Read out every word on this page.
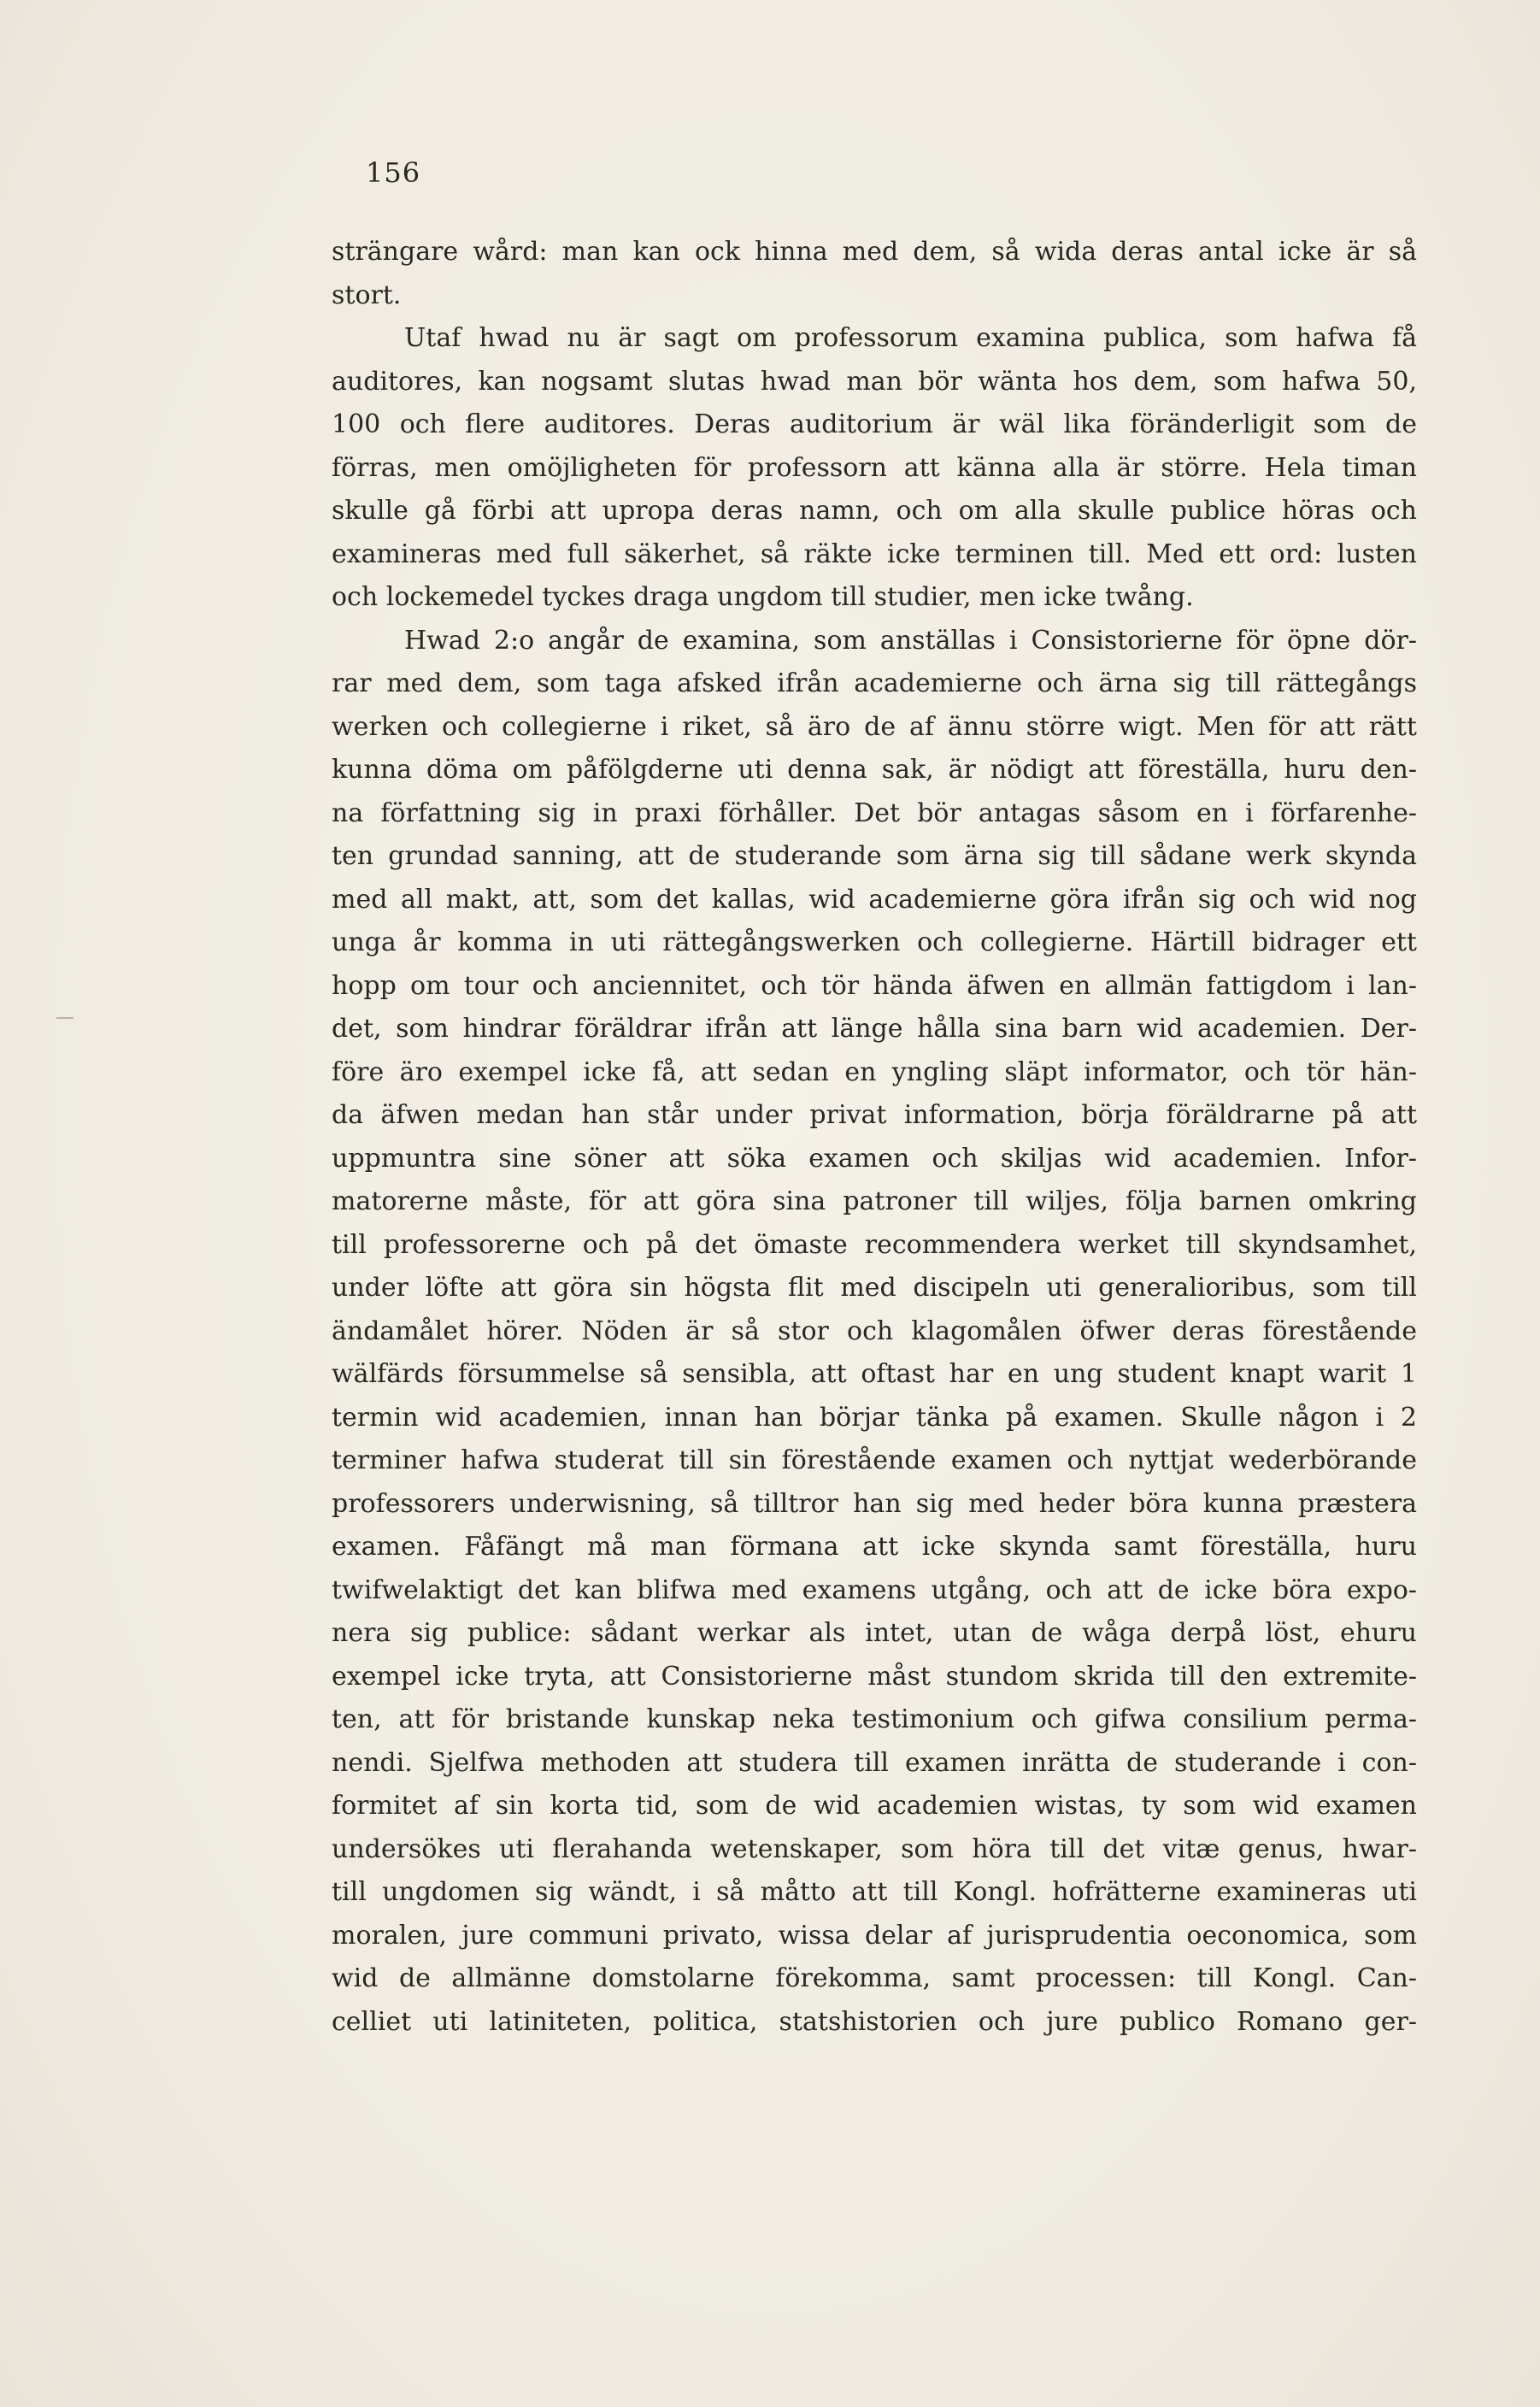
156
strängare wård: man kan ock hinna med dem, så wida deras antal icke är så
stort.
Utaf hwad nu är sagt om professorum examina publica, som hafwa få
auditores, kan nogsamt slutas hwad man bör wänta hos dem, som hafwa 50,
100 och flere auditores. Deras auditorium är wäl lika föränderligit som de
förras, men omöjligheten för professorn att känna alla är större. Hela timan
skulle gå förbi att upropa deras namn, och om alla skulle publice höras och
examineras med full säkerhet, så räkte icke terminen till. Med ett ord: lusten
och lockemedel tyckes draga ungdom till studier, men icke twång.
Hwad 2:o angår de examina, som anställas i Consistorierne för öpne dör-
rar med dem, som taga afsked ifrån academierne och ärna sig till rättegångs
werken och collegierne i riket, så äro de af ännu större wigt. Men för att rätt
kunna döma om påfölgderne uti denna sak, är nödigt att föreställa, huru den-
na författning sig in praxi förhåller. Det bör antagas såsom en i förfarenhe-
ten grundad sanning, att de studerande som ärna sig till sådane werk skynda
med all makt, att, som det kallas, wid academierne göra ifrån sig och wid nog
unga år komma in uti rättegångswerken och collegierne. Härtill bidrager ett
hopp om tour och anciennitet, och tör hända äfwen en allmän fattigdom i lan-
det, som hindrar föräldrar ifrån att länge hålla sina barn wid academien. Der-
före äro exempel icke få, att sedan en yngling släpt informator, och tör hän-
da äfwen medan han står under privat information, börja föräldrarne på att
uppmuntra sine söner att söka examen och skiljas wid academien. Infor-
matorerne måste, för att göra sina patroner till wiljes, följa barnen omkring
till professorerne och på det ömaste recommendera werket till skyndsamhet,
under löfte att göra sin högsta flit med discipeln uti generalioribus, som till
ändamålet hörer. Nöden är så stor och klagomålen öfwer deras förestående
wälfärds försummelse så sensibla, att oftast har en ung student knapt warit 1
termin wid academien, innan han börjar tänka på examen. Skulle någon i 2
terminer hafwa studerat till sin förestående examen och nyttjat wederbörande
professorers underwisning, så tilltror han sig med heder böra kunna præstera
examen. Fåfängt må man förmana att icke skynda samt föreställa, huru
twifwelaktigt det kan blifwa med examens utgång, och att de icke böra expo-
nera sig publice: sådant werkar als intet, utan de wåga derpå löst, ehuru
exempel icke tryta, att Consistorierne måst stundom skrida till den extremite-
ten, att för bristande kunskap neka testimonium och gifwa consilium perma-
nendi. Sjelfwa methoden att studera till examen inrätta de studerande i con-
formitet af sin korta tid, som de wid academien wistas, ty som wid examen
undersökes uti flerahanda wetenskaper, som höra till det vitæ genus, hwar-
till ungdomen sig wändt, i så måtto att till Kongl. hofrätterne examineras uti
moralen, jure communi privato, wissa delar af jurisprudentia oeconomica, som
wid de allmänne domstolarne förekomma, samt processen: till Kongl. Can-
celliet uti latiniteten, politica, statshistorien och jure publico Romano ger-
